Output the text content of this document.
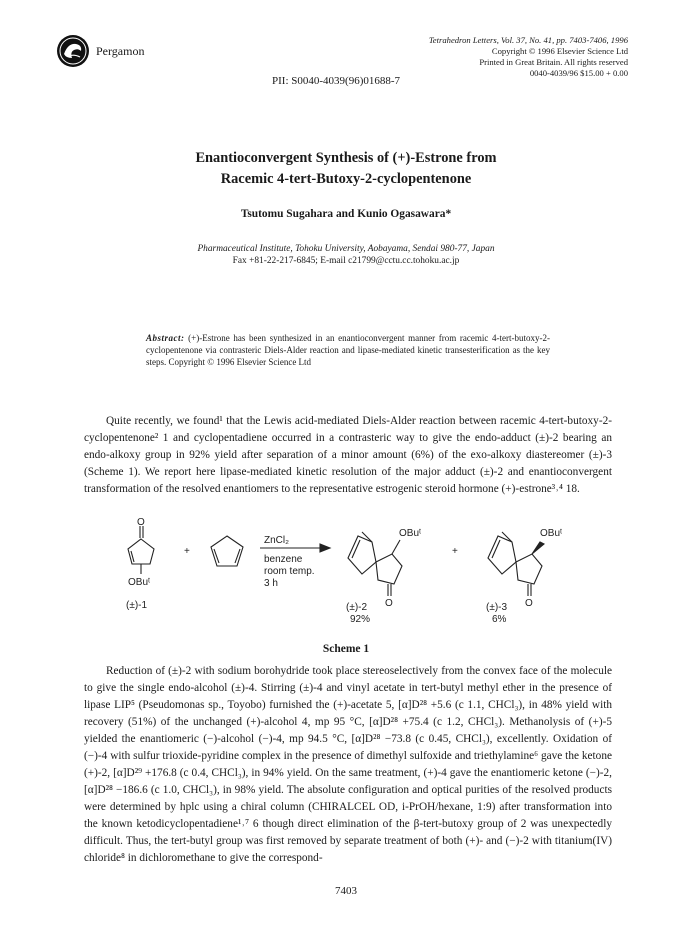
Pergamon
Tetrahedron Letters, Vol. 37, No. 41, pp. 7403-7406, 1996
Copyright © 1996 Elsevier Science Ltd
Printed in Great Britain. All rights reserved
0040-4039/96 $15.00 + 0.00
PII: S0040-4039(96)01688-7
Enantioconvergent Synthesis of (+)-Estrone from
Racemic 4-tert-Butoxy-2-cyclopentenone
Tsutomu Sugahara and Kunio Ogasawara*
Pharmaceutical Institute, Tohoku University, Aobayama, Sendai 980-77, Japan
Fax +81-22-217-6845; E-mail c21799@cctu.cc.tohoku.ac.jp
Abstract: (+)-Estrone has been synthesized in an enantioconvergent manner from racemic 4-tert-butoxy-2-cyclopentenone via contrasteric Diels-Alder reaction and lipase-mediated kinetic transesterification as the key steps. Copyright © 1996 Elsevier Science Ltd

Quite recently, we found¹ that the Lewis acid-mediated Diels-Alder reaction between racemic 4-tert-butoxy-2-cyclopentenone² 1 and cyclopentadiene occurred in a contrasteric way to give the endo-adduct (±)-2 bearing an endo-alkoxy group in 92% yield after separation of a minor amount (6%) of the exo-alkoxy diastereomer (±)-3 (Scheme 1). We report here lipase-mediated kinetic resolution of the major adduct (±)-2 and enantioconvergent transformation of the resolved enantiomers to the representative estrogenic steroid hormone (+)-estrone³˒⁴ 18.

O
OBuᵗ
(±)-1
+
ZnCl₂
benzene
room temp.
3 h
OBuᵗ
O
(±)-2
92%
+
OBuᵗ
O
(±)-3
6%
Scheme 1

Reduction of (±)-2 with sodium borohydride took place stereoselectively from the convex face of the molecule to give the single endo-alcohol (±)-4. Stirring (±)-4 and vinyl acetate in tert-butyl methyl ether in the presence of lipase LIP⁵ (Pseudomonas sp., Toyobo) furnished the (+)-acetate 5, [α]D²⁸ +5.6 (c 1.1, CHCl₃), in 48% yield with recovery (51%) of the unchanged (+)-alcohol 4, mp 95 °C, [α]D²⁸ +75.4 (c 1.2, CHCl₃). Methanolysis of (+)-5 yielded the enantiomeric (−)-alcohol (−)-4, mp 94.5 °C, [α]D²⁸ −73.8 (c 0.45, CHCl₃), excellently. Oxidation of (−)-4 with sulfur trioxide-pyridine complex in the presence of dimethyl sulfoxide and triethylamine⁶ gave the ketone (+)-2, [α]D²⁹ +176.8 (c 0.4, CHCl₃), in 94% yield. On the same treatment, (+)-4 gave the enantiomeric ketone (−)-2, [α]D²⁸ −186.6 (c 1.0, CHCl₃), in 98% yield. The absolute configuration and optical purities of the resolved products were determined by hplc using a chiral column (CHIRALCEL OD, i-PrOH/hexane, 1:9) after transformation into the known ketodicyclopentadiene¹˒⁷ 6 though direct elimination of the β-tert-butoxy group of 2 was unexpectedly difficult. Thus, the tert-butyl group was first removed by separate treatment of both (+)- and (−)-2 with titanium(IV) chloride⁸ in dichloromethane to give the correspond-

7403
